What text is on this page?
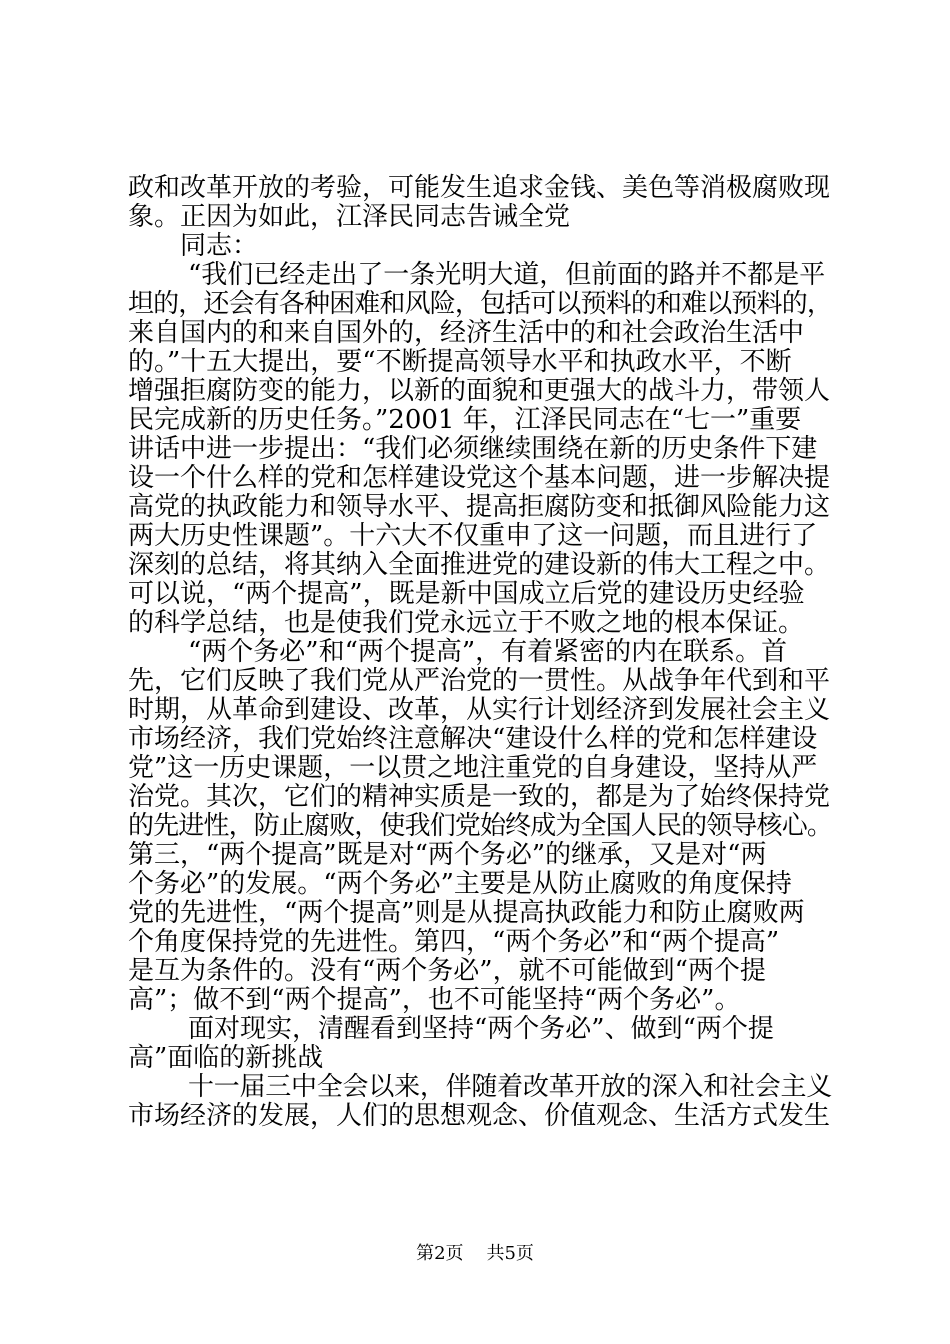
政和改革开放的考验，可能发生追求金钱、美色等消极腐败现
象。正因为如此，江泽民同志告诫全党
同志：
“我们已经走出了一条光明大道，但前面的路并不都是平
坦的，还会有各种困难和风险，包括可以预料的和难以预料的，
来自国内的和来自国外的，经济生活中的和社会政治生活中
的。”十五大提出，要“不断提高领导水平和执政水平，不断
增强拒腐防变的能力，以新的面貌和更强大的战斗力，带领人
民完成新的历史任务。”2001 年，江泽民同志在“七一”重要
讲话中进一步提出：“我们必须继续围绕在新的历史条件下建
设一个什么样的党和怎样建设党这个基本问题，进一步解决提
高党的执政能力和领导水平、提高拒腐防变和抵御风险能力这
两大历史性课题”。十六大不仅重申了这一问题，而且进行了
深刻的总结，将其纳入全面推进党的建设新的伟大工程之中。
可以说，“两个提高”，既是新中国成立后党的建设历史经验
的科学总结，也是使我们党永远立于不败之地的根本保证。
“两个务必”和“两个提高”，有着紧密的内在联系。首
先，它们反映了我们党从严治党的一贯性。从战争年代到和平
时期，从革命到建设、改革，从实行计划经济到发展社会主义
市场经济，我们党始终注意解决“建设什么样的党和怎样建设
党”这一历史课题，一以贯之地注重党的自身建设，坚持从严
治党。其次，它们的精神实质是一致的，都是为了始终保持党
的先进性，防止腐败，使我们党始终成为全国人民的领导核心。
第三，“两个提高”既是对“两个务必”的继承，又是对“两
个务必”的发展。“两个务必”主要是从防止腐败的角度保持
党的先进性，“两个提高”则是从提高执政能力和防止腐败两
个角度保持党的先进性。第四，“两个务必”和“两个提高”
是互为条件的。没有“两个务必”，就不可能做到“两个提
高”；做不到“两个提高”，也不可能坚持“两个务必”。
面对现实，清醒看到坚持“两个务必”、做到“两个提
高”面临的新挑战
十一届三中全会以来，伴随着改革开放的深入和社会主义
市场经济的发展，人们的思想观念、价值观念、生活方式发生
第2页 共5页
